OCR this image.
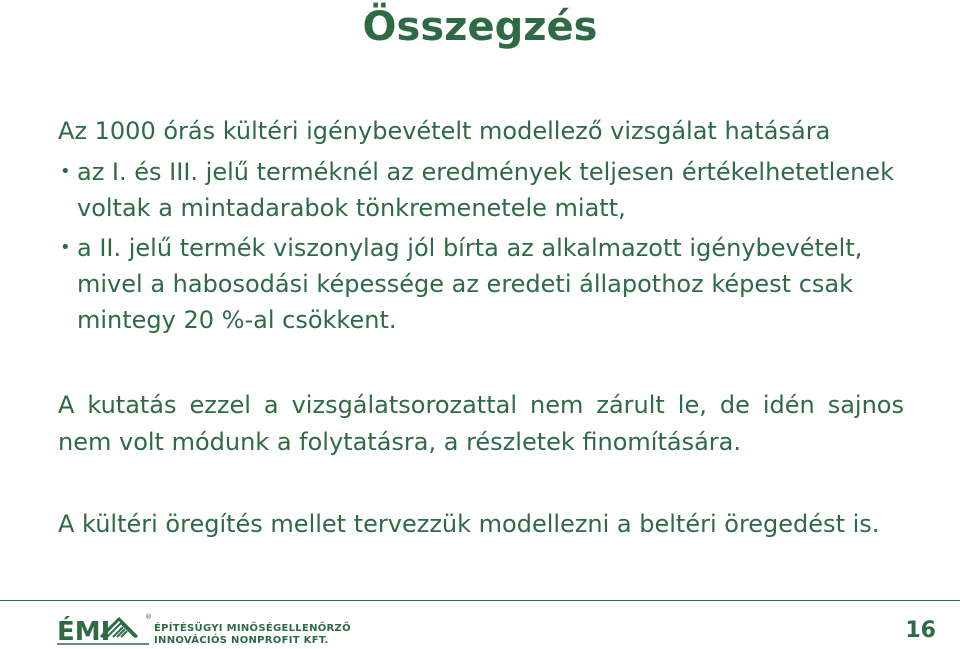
Összegzés
Az 1000 órás kültéri igénybevételt modellező vizsgálat hatására
• az I. és III. jelű terméknél az eredmények teljesen értékelhetetlenek voltak a mintadarabok tönkremenetele miatt,
• a II. jelű termék viszonylag jól bírta az alkalmazott igénybevételt, mivel a habosodási képessége az eredeti állapothoz képest csak mintegy 20 %-al csökkent.
A kutatás ezzel a vizsgálatsorozattal nem zárult le, de idén sajnos nem volt módunk a folytatásra, a részletek finomítására.
A kültéri öregítés mellet tervezzük modellezni a beltéri öregedést is.
ÉMI	®
ÉPÍTÉSÜGYI MINŐSÉGELLENŐRZŐ
INNOVÁCIÓS NONPROFIT KFT.	16
